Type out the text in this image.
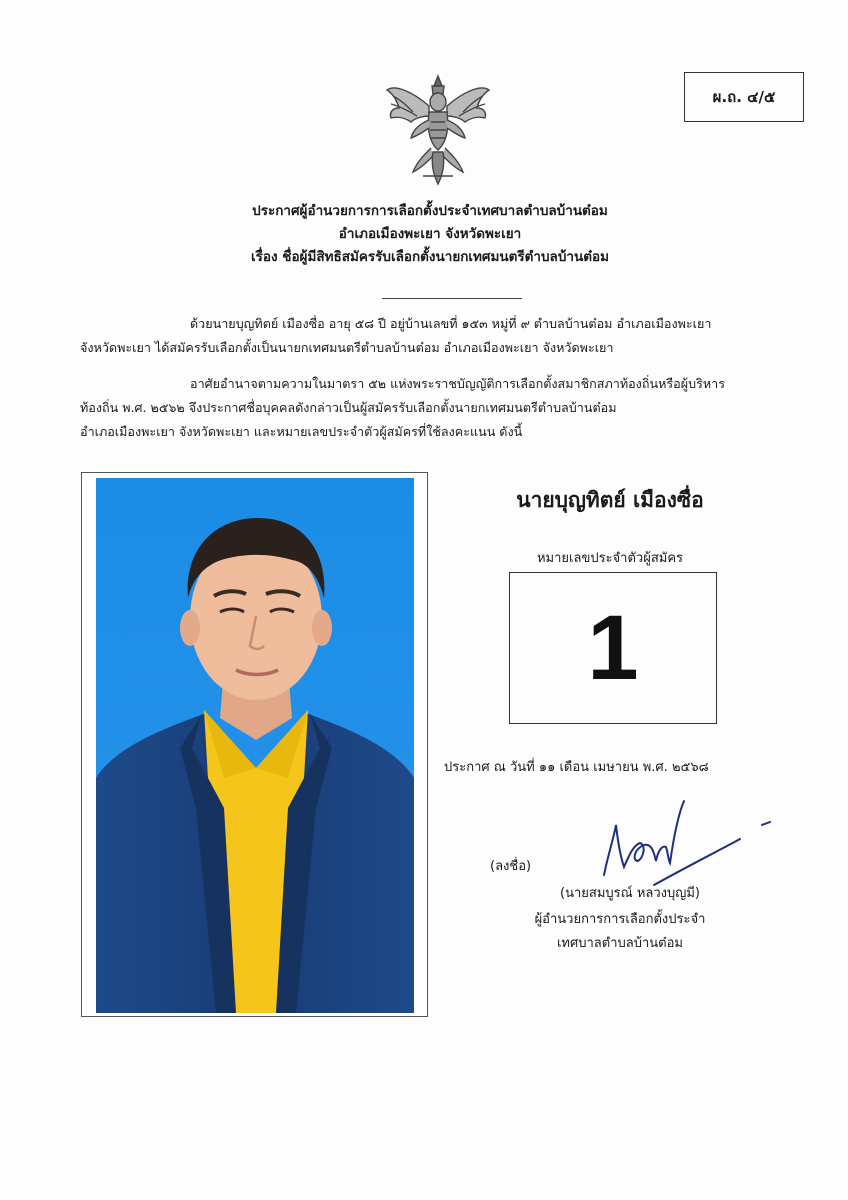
ผ.ถ. ๔/๕
ประกาศผู้อำนวยการการเลือกตั้งประจำเทศบาลตำบลบ้านต๋อม
อำเภอเมืองพะเยา จังหวัดพะเยา
เรื่อง ชื่อผู้มีสิทธิสมัครรับเลือกตั้งนายกเทศมนตรีตำบลบ้านต๋อม
ด้วยนายบุญทิตย์ เมืองซื่อ อายุ ๕๘ ปี อยู่บ้านเลขที่ ๑๕๓ หมู่ที่ ๙ ตำบลบ้านต๋อม อำเภอเมืองพะเยา
จังหวัดพะเยา ได้สมัครรับเลือกตั้งเป็นนายกเทศมนตรีตำบลบ้านต๋อม อำเภอเมืองพะเยา จังหวัดพะเยา
อาศัยอำนาจตามความในมาตรา ๕๒ แห่งพระราชบัญญัติการเลือกตั้งสมาชิกสภาท้องถิ่นหรือผู้บริหาร
ท้องถิ่น พ.ศ. ๒๕๖๒ จึงประกาศชื่อบุคคลดังกล่าวเป็นผู้สมัครรับเลือกตั้งนายกเทศมนตรีตำบลบ้านต๋อม
อำเภอเมืองพะเยา จังหวัดพะเยา และหมายเลขประจำตัวผู้สมัครที่ใช้ลงคะแนน ดังนี้
นายบุญทิตย์ เมืองซื่อ
หมายเลขประจำตัวผู้สมัคร
1
ประกาศ ณ วันที่ ๑๑ เดือน เมษายน พ.ศ. ๒๕๖๘
(ลงชื่อ)
(นายสมบูรณ์ หลวงบุญมี)
ผู้อำนวยการการเลือกตั้งประจำ
เทศบาลตำบลบ้านต๋อม
